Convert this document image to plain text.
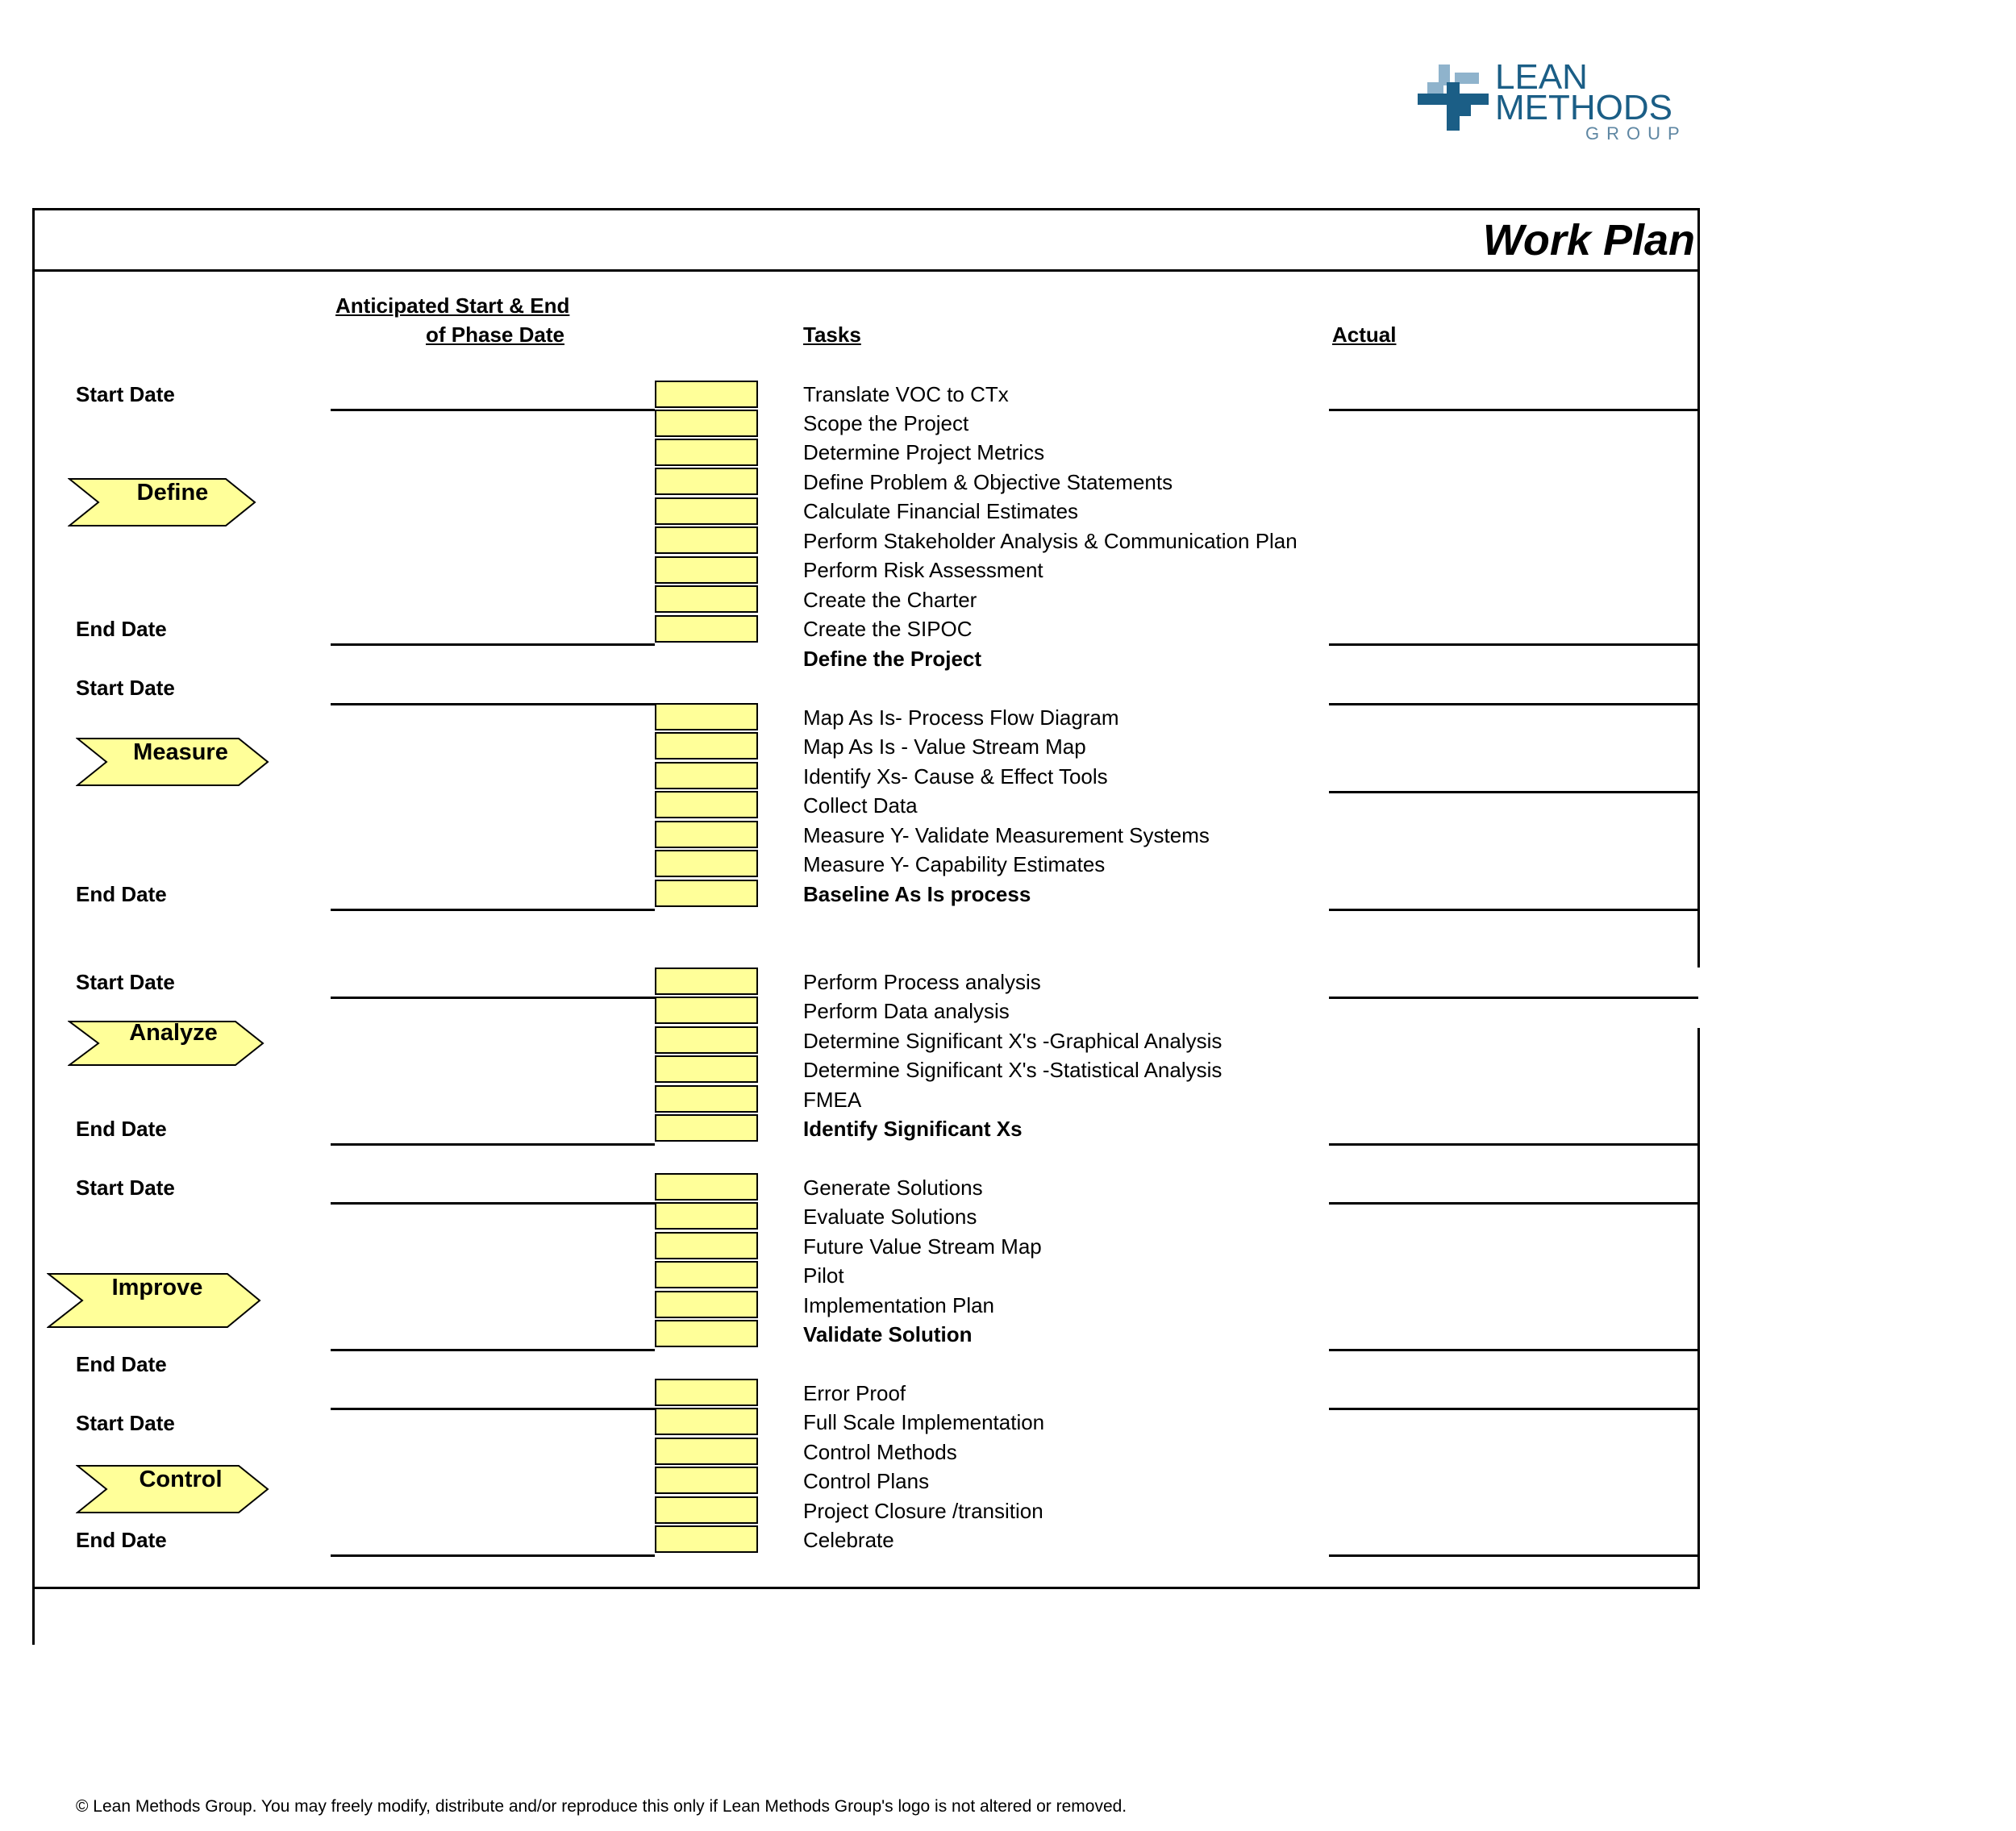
LEAN
METHODS
GROUP
Work Plan
Anticipated Start & End
of Phase Date	Tasks	Actual
Start Date
Define
Translate VOC to CTx
Scope the Project
Determine Project Metrics
Define Problem & Objective Statements
Calculate Financial Estimates
Perform Stakeholder Analysis & Communication Plan
Perform Risk Assessment
Create the Charter
Create the SIPOC
Define the Project
End Date
Start Date
Measure
Map As Is- Process Flow Diagram
Map As Is - Value Stream Map
Identify Xs- Cause & Effect Tools
Collect Data
Measure Y- Validate Measurement Systems
Measure Y- Capability Estimates
Baseline As Is process
End Date
Start Date
Analyze
Perform Process analysis
Perform Data analysis
Determine Significant X's -Graphical Analysis
Determine Significant X's -Statistical Analysis
FMEA
Identify Significant Xs
End Date
Start Date
Improve
Generate Solutions
Evaluate Solutions
Future Value Stream Map
Pilot
Implementation Plan
Validate Solution
End Date
Start Date
Control
Error Proof
Full Scale Implementation
Control Methods
Control Plans
Project Closure /transition
Celebrate
End Date
© Lean Methods Group. You may freely modify, distribute and/or reproduce this only if Lean Methods Group's logo is not altered or removed.
